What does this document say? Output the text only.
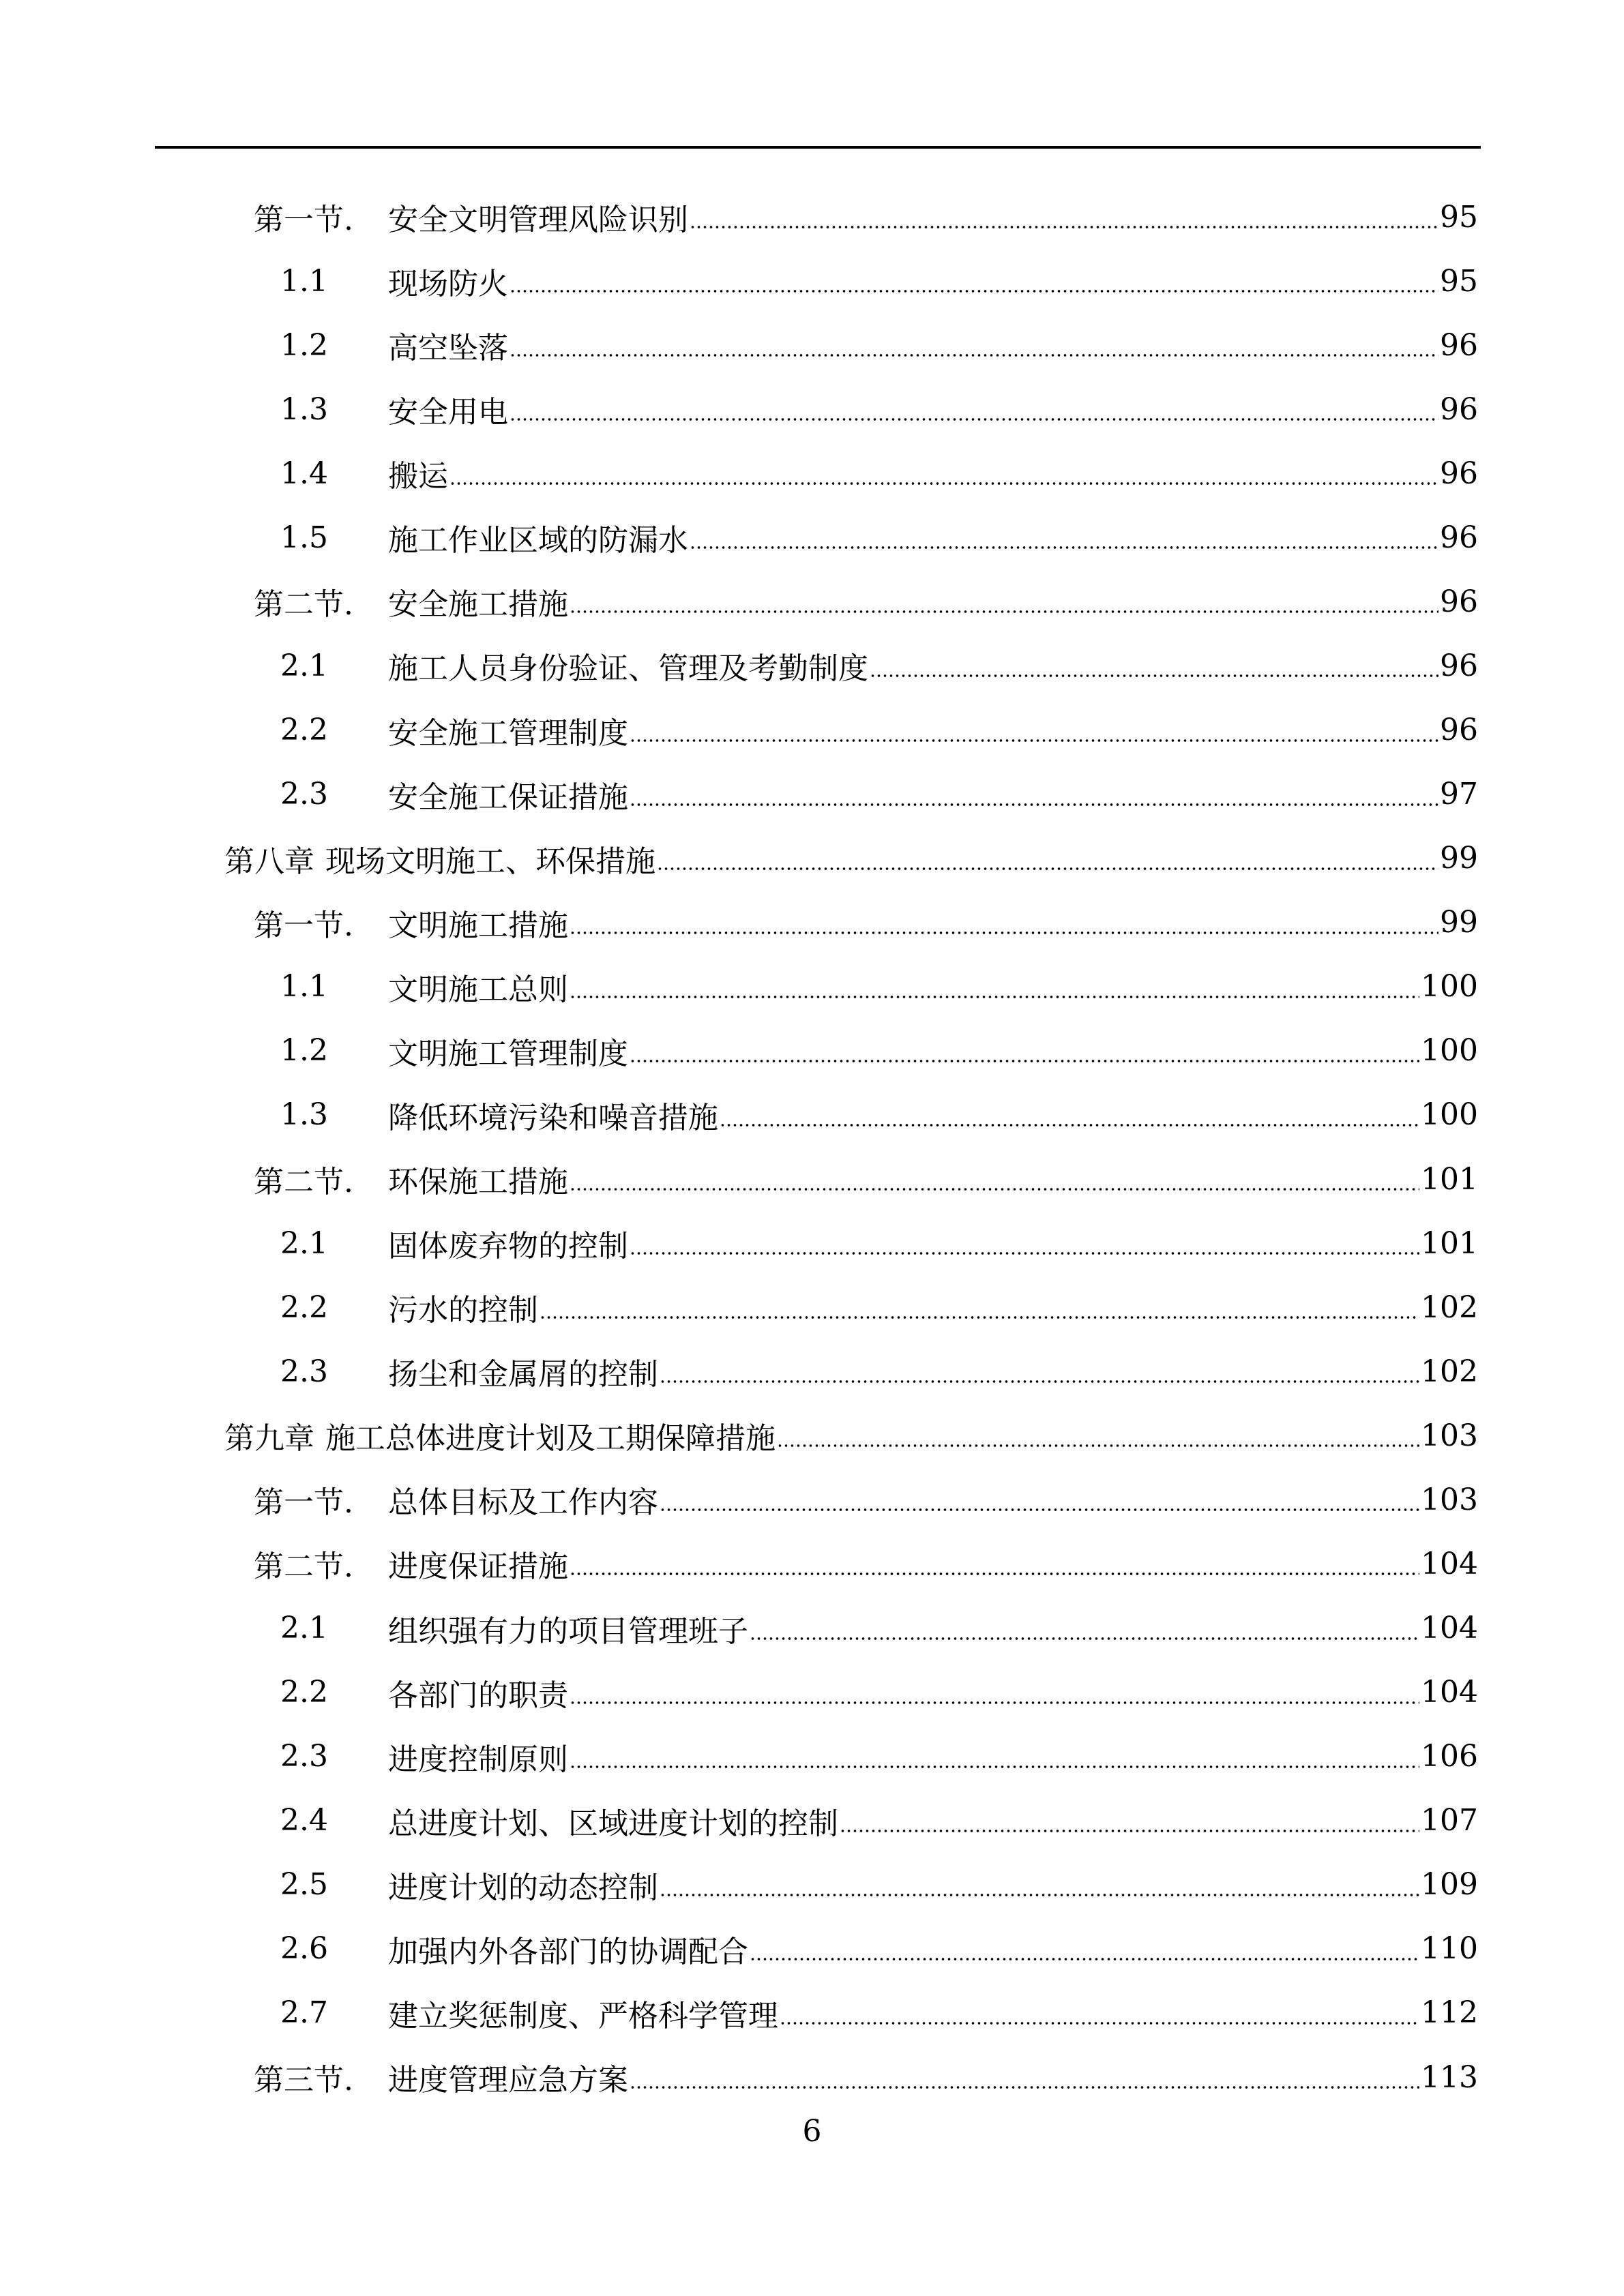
第一节.	安全文明管理风险识别	95
1.1	现场防火	95
1.2	高空坠落	96
1.3	安全用电	96
1.4	搬运	96
1.5	施工作业区域的防漏水	96
第二节.	安全施工措施	96
2.1	施工人员身份验证、管理及考勤制度	96
2.2	安全施工管理制度	96
2.3	安全施工保证措施	97
第八章 现场文明施工、环保措施	99
第一节.	文明施工措施	99
1.1	文明施工总则	100
1.2	文明施工管理制度	100
1.3	降低环境污染和噪音措施	100
第二节.	环保施工措施	101
2.1	固体废弃物的控制	101
2.2	污水的控制	102
2.3	扬尘和金属屑的控制	102
第九章 施工总体进度计划及工期保障措施	103
第一节.	总体目标及工作内容	103
第二节.	进度保证措施	104
2.1	组织强有力的项目管理班子	104
2.2	各部门的职责	104
2.3	进度控制原则	106
2.4	总进度计划、区域进度计划的控制	107
2.5	进度计划的动态控制	109
2.6	加强内外各部门的协调配合	110
2.7	建立奖惩制度、严格科学管理	112
第三节.	进度管理应急方案	113
6
